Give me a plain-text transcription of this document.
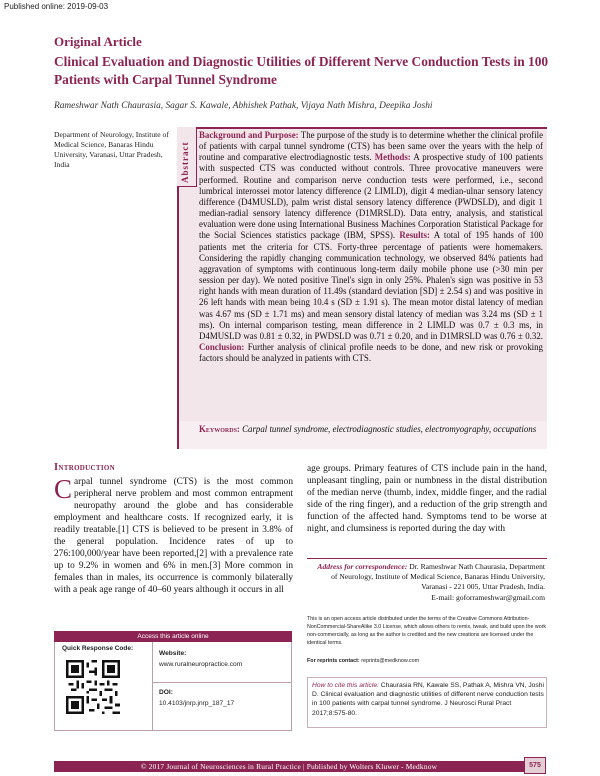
Published online: 2019-09-03
Original Article
Clinical Evaluation and Diagnostic Utilities of Different Nerve Conduction Tests in 100 Patients with Carpal Tunnel Syndrome
Rameshwar Nath Chaurasia, Sagar S. Kawale, Abhishek Pathak, Vijaya Nath Mishra, Deepika Joshi
Department of Neurology, Institute of Medical Science, Banaras Hindu University, Varanasi, Uttar Pradesh, India	Abstract
Background and Purpose: The purpose of the study is to determine whether the clinical profile of patients with carpal tunnel syndrome (CTS) has been same over the years with the help of routine and comparative electrodiagnostic tests. Methods: A prospective study of 100 patients with suspected CTS was conducted without controls. Three provocative maneuvers were performed. Routine and comparison nerve conduction tests were performed, i.e., second lumbrical interossei motor latency difference (2 LIMLD), digit 4 median-ulnar sensory latency difference (D4MUSLD), palm wrist distal sensory latency difference (PWDSLD), and digit 1 median-radial sensory latency difference (D1MRSLD). Data entry, analysis, and statistical evaluation were done using International Business Machines Corporation Statistical Package for the Social Sciences statistics package (IBM, SPSS). Results: A total of 195 hands of 100 patients met the criteria for CTS. Forty-three percentage of patients were homemakers. Considering the rapidly changing communication technology, we observed 84% patients had aggravation of symptoms with continuous long-term daily mobile phone use (>30 min per session per day). We noted positive Tinel's sign in only 25%. Phalen's sign was positive in 53 right hands with mean duration of 11.49s (standard deviation [SD] ± 2.54 s) and was positive in 26 left hands with mean being 10.4 s (SD ± 1.91 s). The mean motor distal latency of median was 4.67 ms (SD ± 1.71 ms) and mean sensory distal latency of median was 3.24 ms (SD ± 1 ms). On internal comparison testing, mean difference in 2 LIMLD was 0.7 ± 0.3 ms, in D4MUSLD was 0.81 ± 0.32, in PWDSLD was 0.71 ± 0.20, and in D1MRSLD was 0.76 ± 0.32. Conclusion: Further analysis of clinical profile needs to be done, and new risk or provoking factors should be analyzed in patients with CTS.
Keywords: Carpal tunnel syndrome, electrodiagnostic studies, electromyography, occupations
Introduction
C arpal tunnel syndrome (CTS) is the most common peripheral nerve problem and most common entrapment neuropathy around the globe and has considerable employment and healthcare costs. If recognized early, it is readily treatable.[1] CTS is believed to be present in 3.8% of the general population. Incidence rates of up to 276:100,000/year have been reported,[2] with a prevalence rate up to 9.2% in women and 6% in men.[3] More common in females than in males, its occurrence is commonly bilaterally with a peak age range of 40–60 years although it occurs in all
age groups. Primary features of CTS include pain in the hand, unpleasant tingling, pain or numbness in the distal distribution of the median nerve (thumb, index, middle finger, and the radial side of the ring finger), and a reduction of the grip strength and function of the affected hand. Symptoms tend to be worse at night, and clumsiness is reported during the day with
Address for correspondence: Dr. Rameshwar Nath Chaurasia, Department of Neurology, Institute of Medical Science, Banaras Hindu University, Varanasi - 221 005, Uttar Pradesh, India.
E-mail: goforrameshwar@gmail.com
Access this article online
Quick Response Code:
Website:
www.ruralneuropractice.com
DOI:
10.4103/jnrp.jnrp_187_17
This is an open access article distributed under the terms of the Creative Commons Attribution-NonCommercial-ShareAlike 3.0 License, which allows others to remix, tweak, and build upon the work non-commercially, as long as the author is credited and the new creations are licensed under the identical terms.
For reprints contact: reprints@medknow.com
How to cite this article: Chaurasia RN, Kawale SS, Pathak A, Mishra VN, Joshi D. Clinical evaluation and diagnostic utilities of different nerve conduction tests in 100 patients with carpal tunnel syndrome. J Neurosci Rural Pract 2017;8:575-80.
© 2017 Journal of Neurosciences in Rural Practice | Published by Wolters Kluwer - Medknow	575
